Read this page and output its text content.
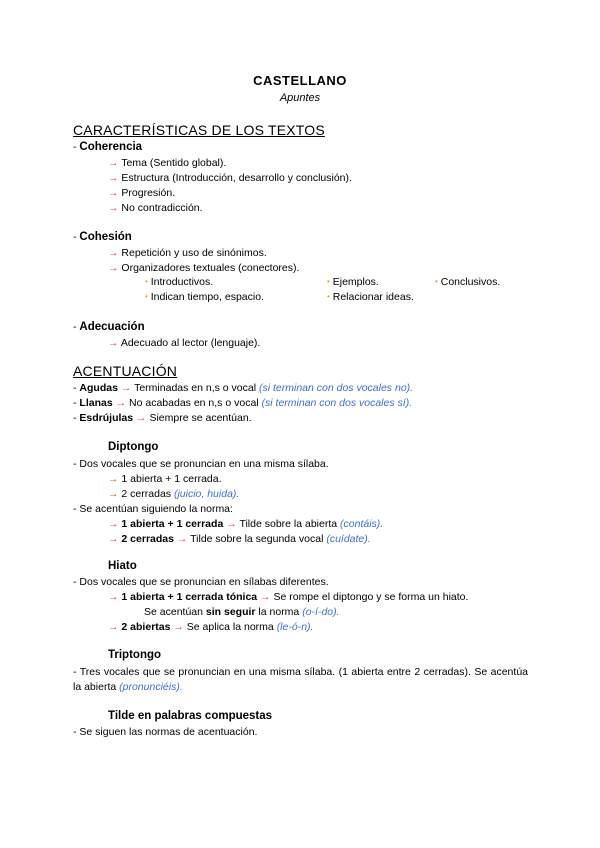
CASTELLANO
Apuntes
CARACTERÍSTICAS DE LOS TEXTOS
- Coherencia
→ Tema (Sentido global).
→ Estructura (Introducción, desarrollo y conclusión).
→ Progresión.
→ No contradicción.
- Cohesión
→ Repetición y uso de sinónimos.
→ Organizadores textuales (conectores).
• Introductivos.	• Ejemplos.	• Conclusivos.
• Indican tiempo, espacio.	• Relacionar ideas.
- Adecuación
→ Adecuado al lector (lenguaje).
ACENTUACIÓN
- Agudas → Terminadas en n,s o vocal (si terminan con dos vocales no).
- Llanas → No acabadas en n,s o vocal (si terminan con dos vocales sí).
- Esdrújulas → Siempre se acentúan.
Diptongo
- Dos vocales que se pronuncian en una misma sílaba.
→ 1 abierta + 1 cerrada.
→ 2 cerradas (juicio, huida).
- Se acentúan siguiendo la norma:
→ 1 abierta + 1 cerrada → Tilde sobre la abierta (contáis).
→ 2 cerradas → Tilde sobre la segunda vocal (cuídate).
Hiato
- Dos vocales que se pronuncian en sílabas diferentes.
→ 1 abierta + 1 cerrada tónica → Se rompe el diptongo y se forma un hiato.
Se acentúan sin seguir la norma (o-í-do).
→ 2 abiertas → Se aplica la norma (le-ó-n).
Triptongo
- Tres vocales que se pronuncian en una misma sílaba. (1 abierta entre 2 cerradas). Se acentúa la abierta (pronunciéis).
Tilde en palabras compuestas
- Se siguen las normas de acentuación.
